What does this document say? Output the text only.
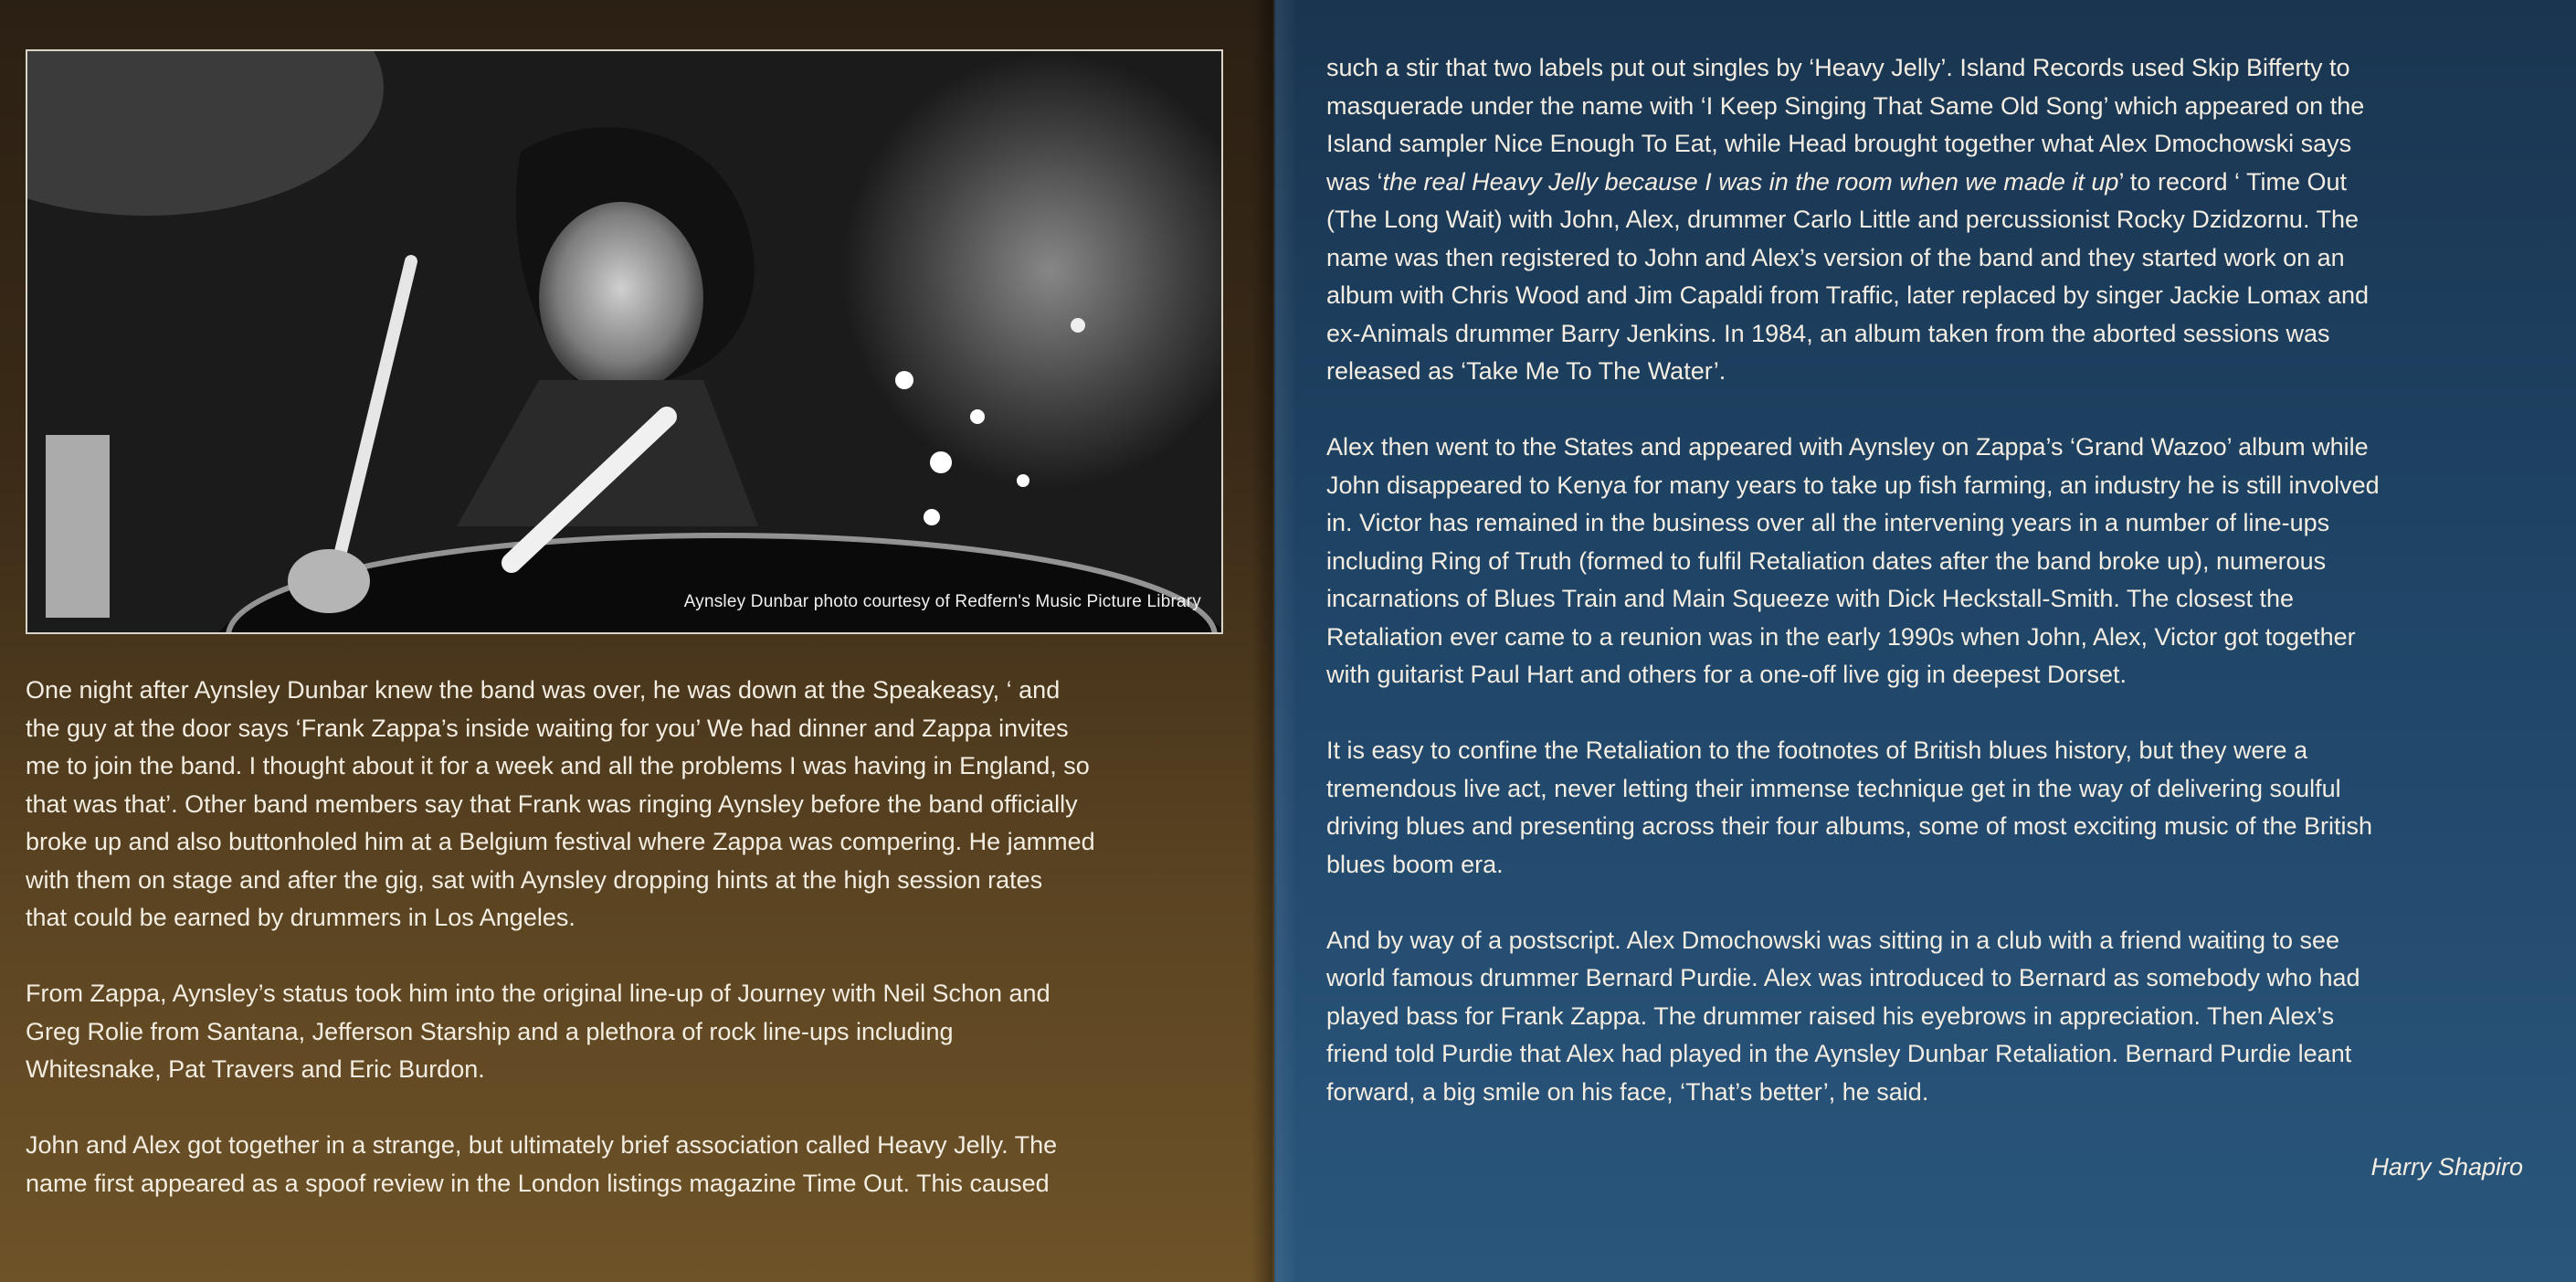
Aynsley Dunbar photo courtesy of Redfern's Music Picture Library

One night after Aynsley Dunbar knew the band was over, he was down at the Speakeasy, ‘ and
the guy at the door says ‘Frank Zappa’s inside waiting for you’ We had dinner and Zappa invites
me to join the band. I thought about it for a week and all the problems I was having in England, so
that was that’. Other band members say that Frank was ringing Aynsley before the band officially
broke up and also buttonholed him at a Belgium festival where Zappa was compering. He jammed
with them on stage and after the gig, sat with Aynsley dropping hints at the high session rates
that could be earned by drummers in Los Angeles.

From Zappa, Aynsley’s status took him into the original line-up of Journey with Neil Schon and
Greg Rolie from Santana, Jefferson Starship and a plethora of rock line-ups including
Whitesnake, Pat Travers and Eric Burdon.

John and Alex got together in a strange, but ultimately brief association called Heavy Jelly. The
name first appeared as a spoof review in the London listings magazine Time Out. This caused

such a stir that two labels put out singles by ‘Heavy Jelly’. Island Records used Skip Bifferty to
masquerade under the name with ‘I Keep Singing That Same Old Song’ which appeared on the
Island sampler Nice Enough To Eat, while Head brought together what Alex Dmochowski says
was ‘the real Heavy Jelly because I was in the room when we made it up’ to record ‘ Time Out
(The Long Wait) with John, Alex, drummer Carlo Little and percussionist Rocky Dzidzornu. The
name was then registered to John and Alex’s version of the band and they started work on an
album with Chris Wood and Jim Capaldi from Traffic, later replaced by singer Jackie Lomax and
ex-Animals drummer Barry Jenkins. In 1984, an album taken from the aborted sessions was
released as ‘Take Me To The Water’.

Alex then went to the States and appeared with Aynsley on Zappa’s ‘Grand Wazoo’ album while
John disappeared to Kenya for many years to take up fish farming, an industry he is still involved
in. Victor has remained in the business over all the intervening years in a number of line-ups
including Ring of Truth (formed to fulfil Retaliation dates after the band broke up), numerous
incarnations of Blues Train and Main Squeeze with Dick Heckstall-Smith. The closest the
Retaliation ever came to a reunion was in the early 1990s when John, Alex, Victor got together
with guitarist Paul Hart and others for a one-off live gig in deepest Dorset.

It is easy to confine the Retaliation to the footnotes of British blues history, but they were a
tremendous live act, never letting their immense technique get in the way of delivering soulful
driving blues and presenting across their four albums, some of most exciting music of the British
blues boom era.

And by way of a postscript. Alex Dmochowski was sitting in a club with a friend waiting to see
world famous drummer Bernard Purdie. Alex was introduced to Bernard as somebody who had
played bass for Frank Zappa. The drummer raised his eyebrows in appreciation. Then Alex’s
friend told Purdie that Alex had played in the Aynsley Dunbar Retaliation. Bernard Purdie leant
forward, a big smile on his face, ‘That’s better’, he said.

Harry Shapiro
